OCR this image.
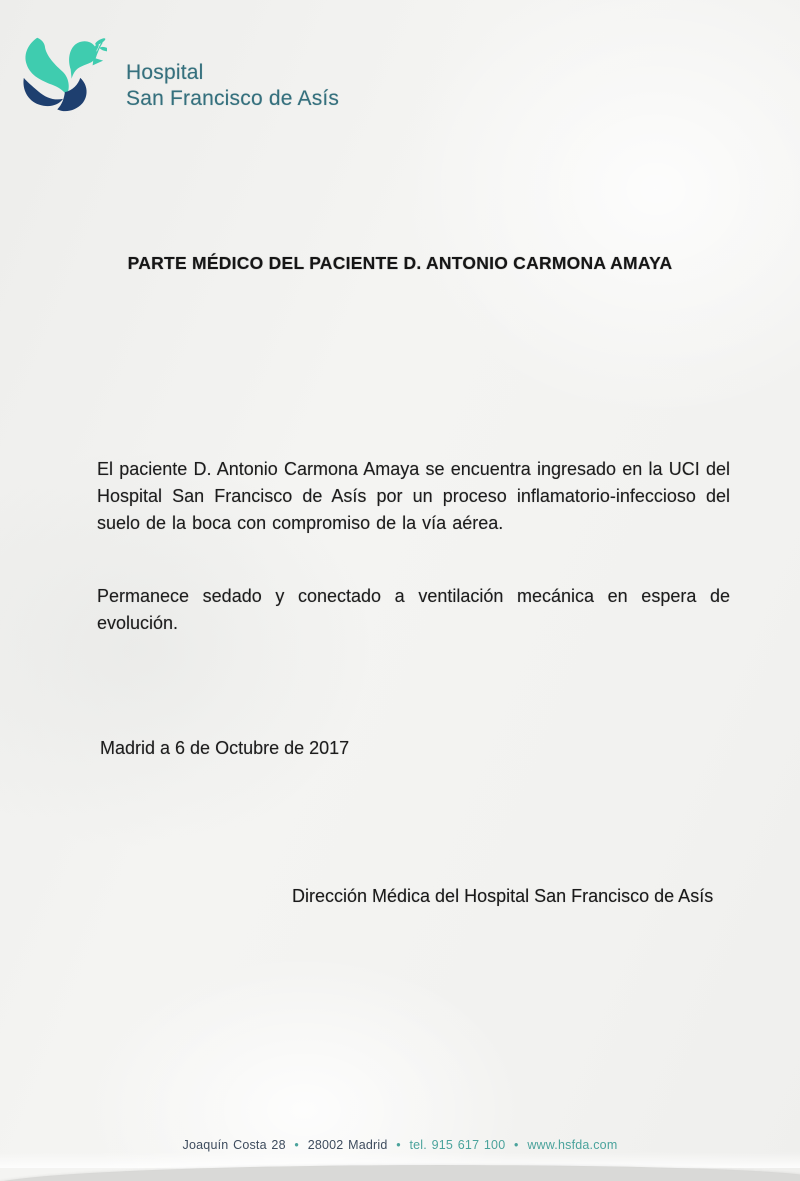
Hospital
San Francisco de Asís
PARTE MÉDICO DEL PACIENTE D. ANTONIO CARMONA AMAYA

El paciente D. Antonio Carmona Amaya se encuentra ingresado en la UCI del Hospital San Francisco de Asís por un proceso inflamatorio-infeccioso del suelo de la boca con compromiso de la vía aérea.

Permanece sedado y conectado a ventilación mecánica en espera de evolución.

Madrid a 6 de Octubre de 2017

Dirección Médica del Hospital San Francisco de Asís

Joaquín Costa 28 • 28002 Madrid • tel. 915 617 100 • www.hsfda.com
